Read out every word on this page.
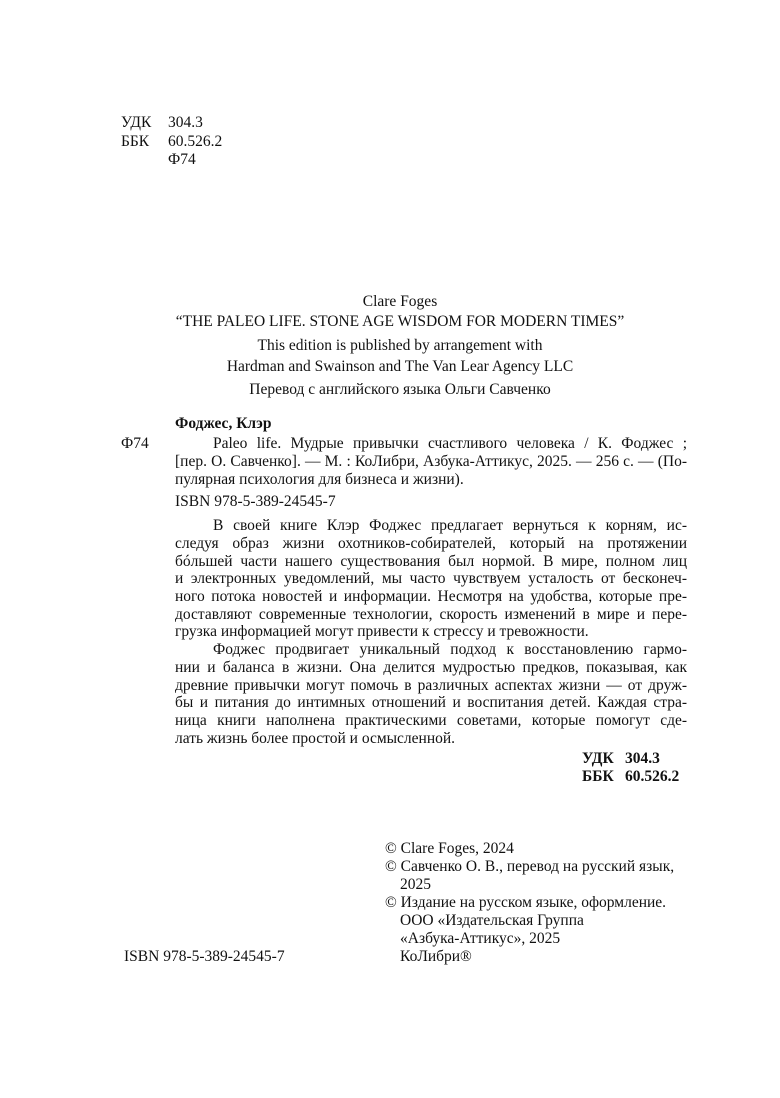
УДК 304.3
ББК 60.526.2
Ф74
Clare Foges
“THE PALEO LIFE. STONE AGE WISDOM FOR MODERN TIMES”
This edition is published by arrangement with
Hardman and Swainson and The Van Lear Agency LLC
Перевод с английского языка Ольги Савченко
Фоджес, Клэр
Ф74	Paleo life. Мудрые привычки счастливого человека / К. Фоджес ;
[пер. О. Савченко]. — М. : КоЛибри, Азбука-Аттикус, 2025. — 256 с. — (По-
пулярная психология для бизнеса и жизни).
ISBN 978-5-389-24545-7
В своей книге Клэр Фоджес предлагает вернуться к корням, ис-
следуя образ жизни охотников-собирателей, который на протяжении
бóльшей части нашего существования был нормой. В мире, полном лиц
и электронных уведомлений, мы часто чувствуем усталость от бесконеч-
ного потока новостей и информации. Несмотря на удобства, которые пре-
доставляют современные технологии, скорость изменений в мире и пере-
грузка информацией могут привести к стрессу и тревожности.
Фоджес продвигает уникальный подход к восстановлению гармо-
нии и баланса в жизни. Она делится мудростью предков, показывая, как
древние привычки могут помочь в различных аспектах жизни — от друж-
бы и питания до интимных отношений и воспитания детей. Каждая стра-
ница книги наполнена практическими советами, которые помогут сде-
лать жизнь более простой и осмысленной.
УДК 304.3
ББК 60.526.2
© Clare Foges, 2024
© Савченко О. В., перевод на русский язык,
2025
© Издание на русском языке, оформление.
ООО «Издательская Группа
«Азбука-Аттикус», 2025
КоЛибри®
ISBN 978-5-389-24545-7
